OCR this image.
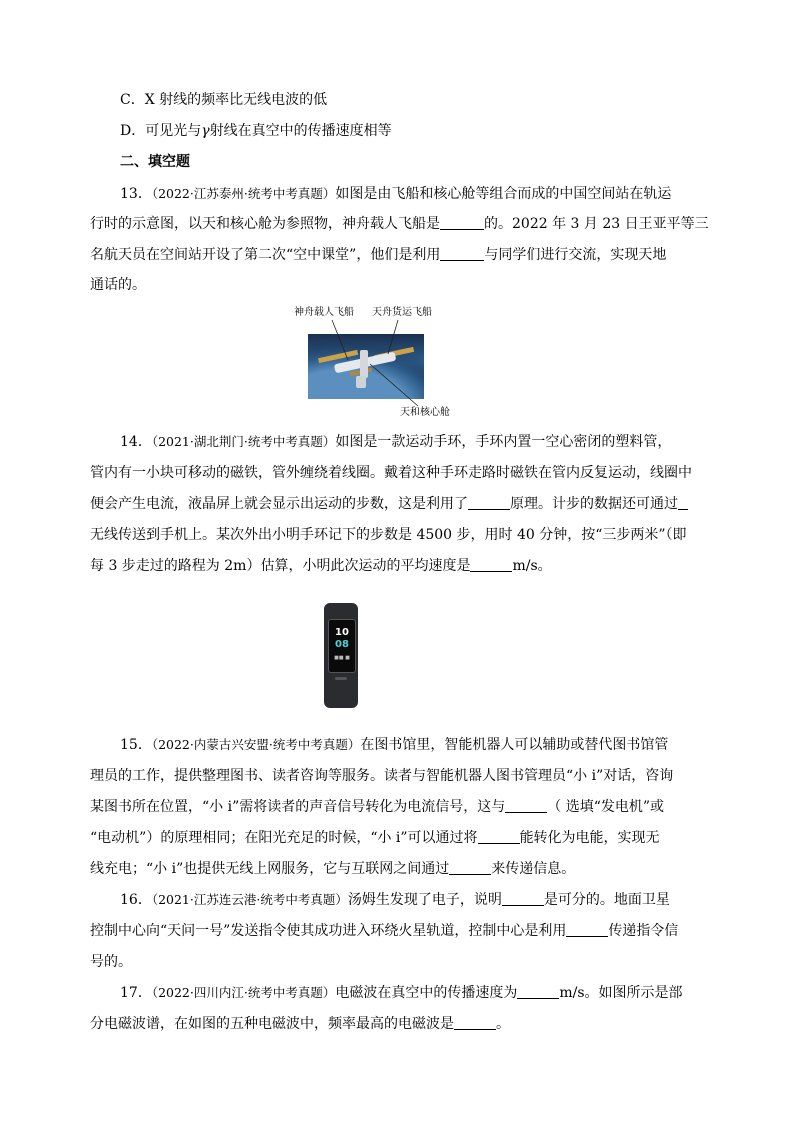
C．X 射线的频率比无线电波的低
D．可见光与γ射线在真空中的传播速度相等
二、填空题
13．（2022·江苏泰州·统考中考真题）如图是由飞船和核心舱等组合而成的中国空间站在轨运
行时的示意图，以天和核心舱为参照物，神舟载人飞船是	的。2022 年 3 月 23 日王亚平等三
名航天员在空间站开设了第二次“空中课堂”，他们是利用	与同学们进行交流，实现天地
通话的。
神舟载人飞船 天舟货运飞船
天和核心舱
14．（2021·湖北荆门·统考中考真题）如图是一款运动手环，手环内置一空心密闭的塑料管，
管内有一小块可移动的磁铁，管外缠绕着线圈。戴着这种手环走路时磁铁在管内反复运动，线圈中
便会产生电流，液晶屏上就会显示出运动的步数，这是利用了	原理。计步的数据还可通过
无线传送到手机上。某次外出小明手环记下的步数是 4500 步，用时 40 分钟，按“三步两米”（即
每 3 步走过的路程为 2m）估算，小明此次运动的平均速度是	m/s。
10
08
■■ ■
15．（2022·内蒙古兴安盟·统考中考真题）在图书馆里，智能机器人可以辅助或替代图书馆管
理员的工作，提供整理图书、读者咨询等服务。读者与智能机器人图书管理员“小 i”对话，咨询
某图书所在位置，“小 i”需将读者的声音信号转化为电流信号，这与	（ 选填“发电机”或
“电动机”）的原理相同；在阳光充足的时候，“小 i”可以通过将	能转化为电能，实现无
线充电；“小 i”也提供无线上网服务，它与互联网之间通过	来传递信息。
16．（2021·江苏连云港·统考中考真题）汤姆生发现了电子，说明	是可分的。地面卫星
控制中心向“天问一号”发送指令使其成功进入环绕火星轨道，控制中心是利用	传递指令信
号的。
17．（2022·四川内江·统考中考真题）电磁波在真空中的传播速度为	m/s。如图所示是部
分电磁波谱，在如图的五种电磁波中，频率最高的电磁波是	。
